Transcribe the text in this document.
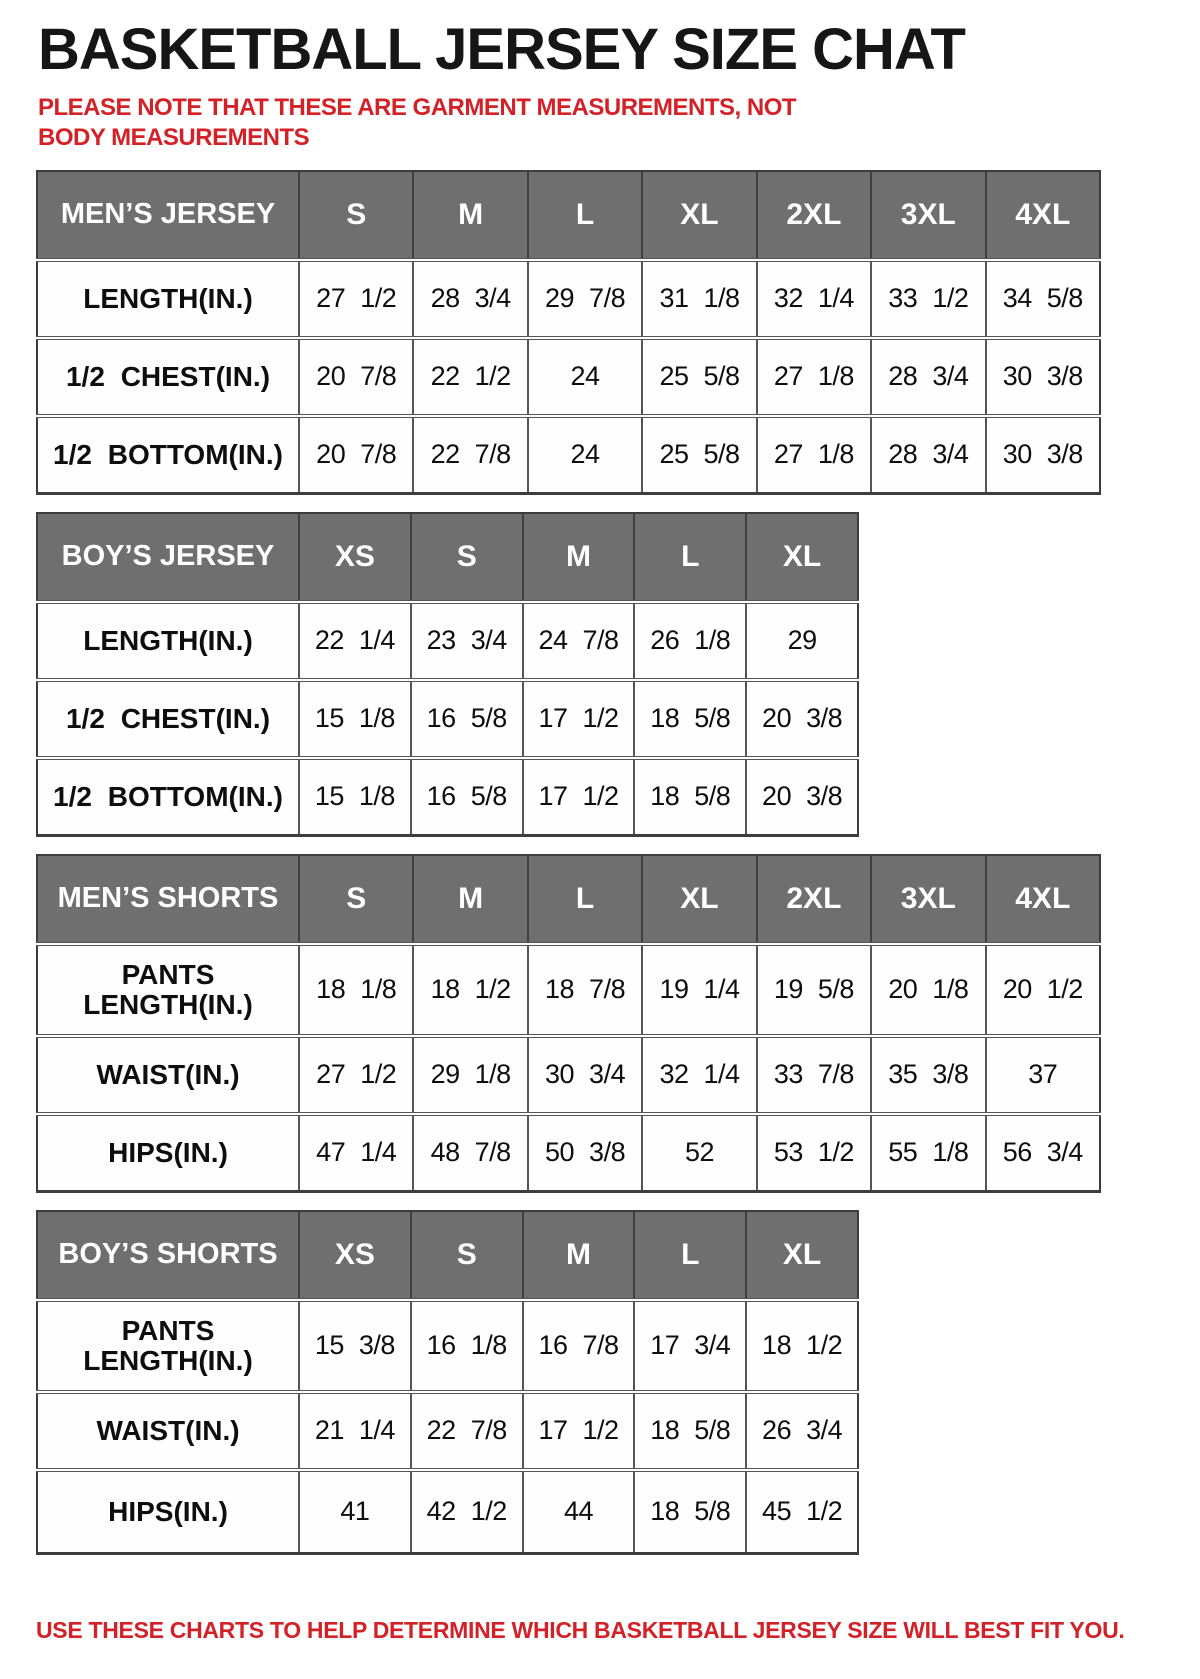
BASKETBALL JERSEY SIZE CHAT

PLEASE NOTE THAT THESE ARE GARMENT MEASUREMENTS, NOT BODY MEASUREMENTS

MEN’S JERSEY	S	M	L	XL	2XL	3XL	4XL
LENGTH(IN.)	27 1/2	28 3/4	29 7/8	31 1/8	32 1/4	33 1/2	34 5/8
1/2 CHEST(IN.)	20 7/8	22 1/2	24	25 5/8	27 1/8	28 3/4	30 3/8
1/2 BOTTOM(IN.)	20 7/8	22 7/8	24	25 5/8	27 1/8	28 3/4	30 3/8
BOY’S JERSEY	XS	S	M	L	XL
LENGTH(IN.)	22 1/4	23 3/4	24 7/8	26 1/8	29
1/2 CHEST(IN.)	15 1/8	16 5/8	17 1/2	18 5/8	20 3/8
1/2 BOTTOM(IN.)	15 1/8	16 5/8	17 1/2	18 5/8	20 3/8
MEN’S SHORTS	S	M	L	XL	2XL	3XL	4XL
PANTS LENGTH(IN.)	18 1/8	18 1/2	18 7/8	19 1/4	19 5/8	20 1/8	20 1/2
WAIST(IN.)	27 1/2	29 1/8	30 3/4	32 1/4	33 7/8	35 3/8	37
HIPS(IN.)	47 1/4	48 7/8	50 3/8	52	53 1/2	55 1/8	56 3/4
BOY’S SHORTS	XS	S	M	L	XL
PANTS LENGTH(IN.)	15 3/8	16 1/8	16 7/8	17 3/4	18 1/2
WAIST(IN.)	21 1/4	22 7/8	17 1/2	18 5/8	26 3/4
HIPS(IN.)	41	42 1/2	44	18 5/8	45 1/2

USE THESE CHARTS TO HELP DETERMINE WHICH BASKETBALL JERSEY SIZE WILL BEST FIT YOU.
